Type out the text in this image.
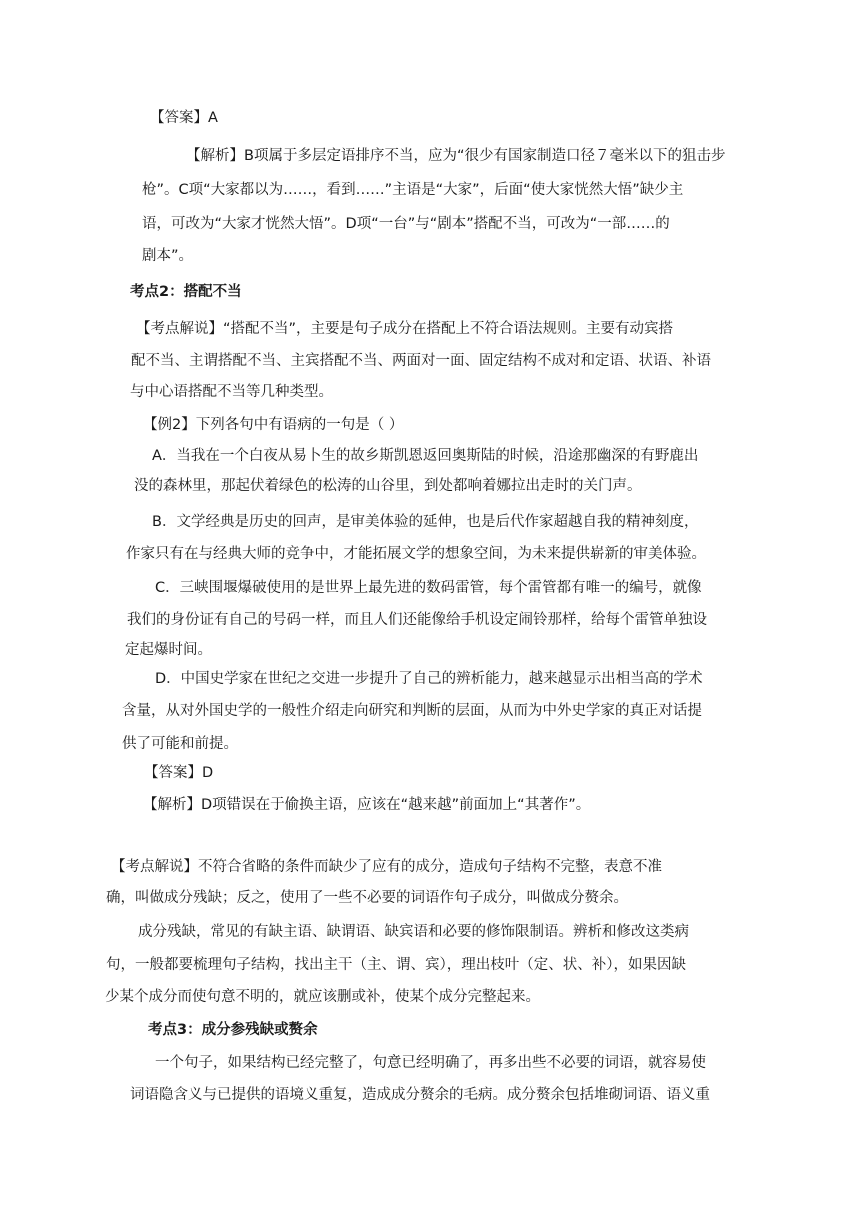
【答案】A
【解析】B项属于多层定语排序不当，应为“很少有国家制造口径７毫米以下的狙击步
枪”。C项“大家都以为……，看到……”主语是“大家”，后面“使大家恍然大悟”缺少主
语，可改为“大家才恍然大悟”。D项“一台”与“剧本”搭配不当，可改为“一部……的
剧本”。
考点2：搭配不当
【考点解说】“搭配不当”，主要是句子成分在搭配上不符合语法规则。主要有动宾搭
配不当、主谓搭配不当、主宾搭配不当、两面对一面、固定结构不成对和定语、状语、补语
与中心语搭配不当等几种类型。
【例2】下列各句中有语病的一句是（ ）
A．当我在一个白夜从易卜生的故乡斯凯恩返回奥斯陆的时候，沿途那幽深的有野鹿出
没的森林里，那起伏着绿色的松涛的山谷里，到处都响着娜拉出走时的关门声。
B．文学经典是历史的回声，是审美体验的延伸，也是后代作家超越自我的精神刻度，
作家只有在与经典大师的竞争中，才能拓展文学的想象空间，为未来提供崭新的审美体验。
C．三峡围堰爆破使用的是世界上最先进的数码雷管，每个雷管都有唯一的编号，就像
我们的身份证有自己的号码一样，而且人们还能像给手机设定闹铃那样，给每个雷管单独设
定起爆时间。
D．中国史学家在世纪之交进一步提升了自己的辨析能力，越来越显示出相当高的学术
含量，从对外国史学的一般性介绍走向研究和判断的层面，从而为中外史学家的真正对话提
供了可能和前提。
【答案】D
【解析】D项错误在于偷换主语，应该在“越来越”前面加上“其著作”。
【考点解说】不符合省略的条件而缺少了应有的成分，造成句子结构不完整，表意不准
确，叫做成分残缺；反之，使用了一些不必要的词语作句子成分，叫做成分赘余。
成分残缺，常见的有缺主语、缺谓语、缺宾语和必要的修饰限制语。辨析和修改这类病
句，一般都要梳理句子结构，找出主干（主、谓、宾），理出枝叶（定、状、补），如果因缺
少某个成分而使句意不明的，就应该删或补，使某个成分完整起来。
考点3：成分参残缺或赘余
一个句子，如果结构已经完整了，句意已经明确了，再多出些不必要的词语，就容易使
词语隐含义与已提供的语境义重复，造成成分赘余的毛病。成分赘余包括堆砌词语、语义重
